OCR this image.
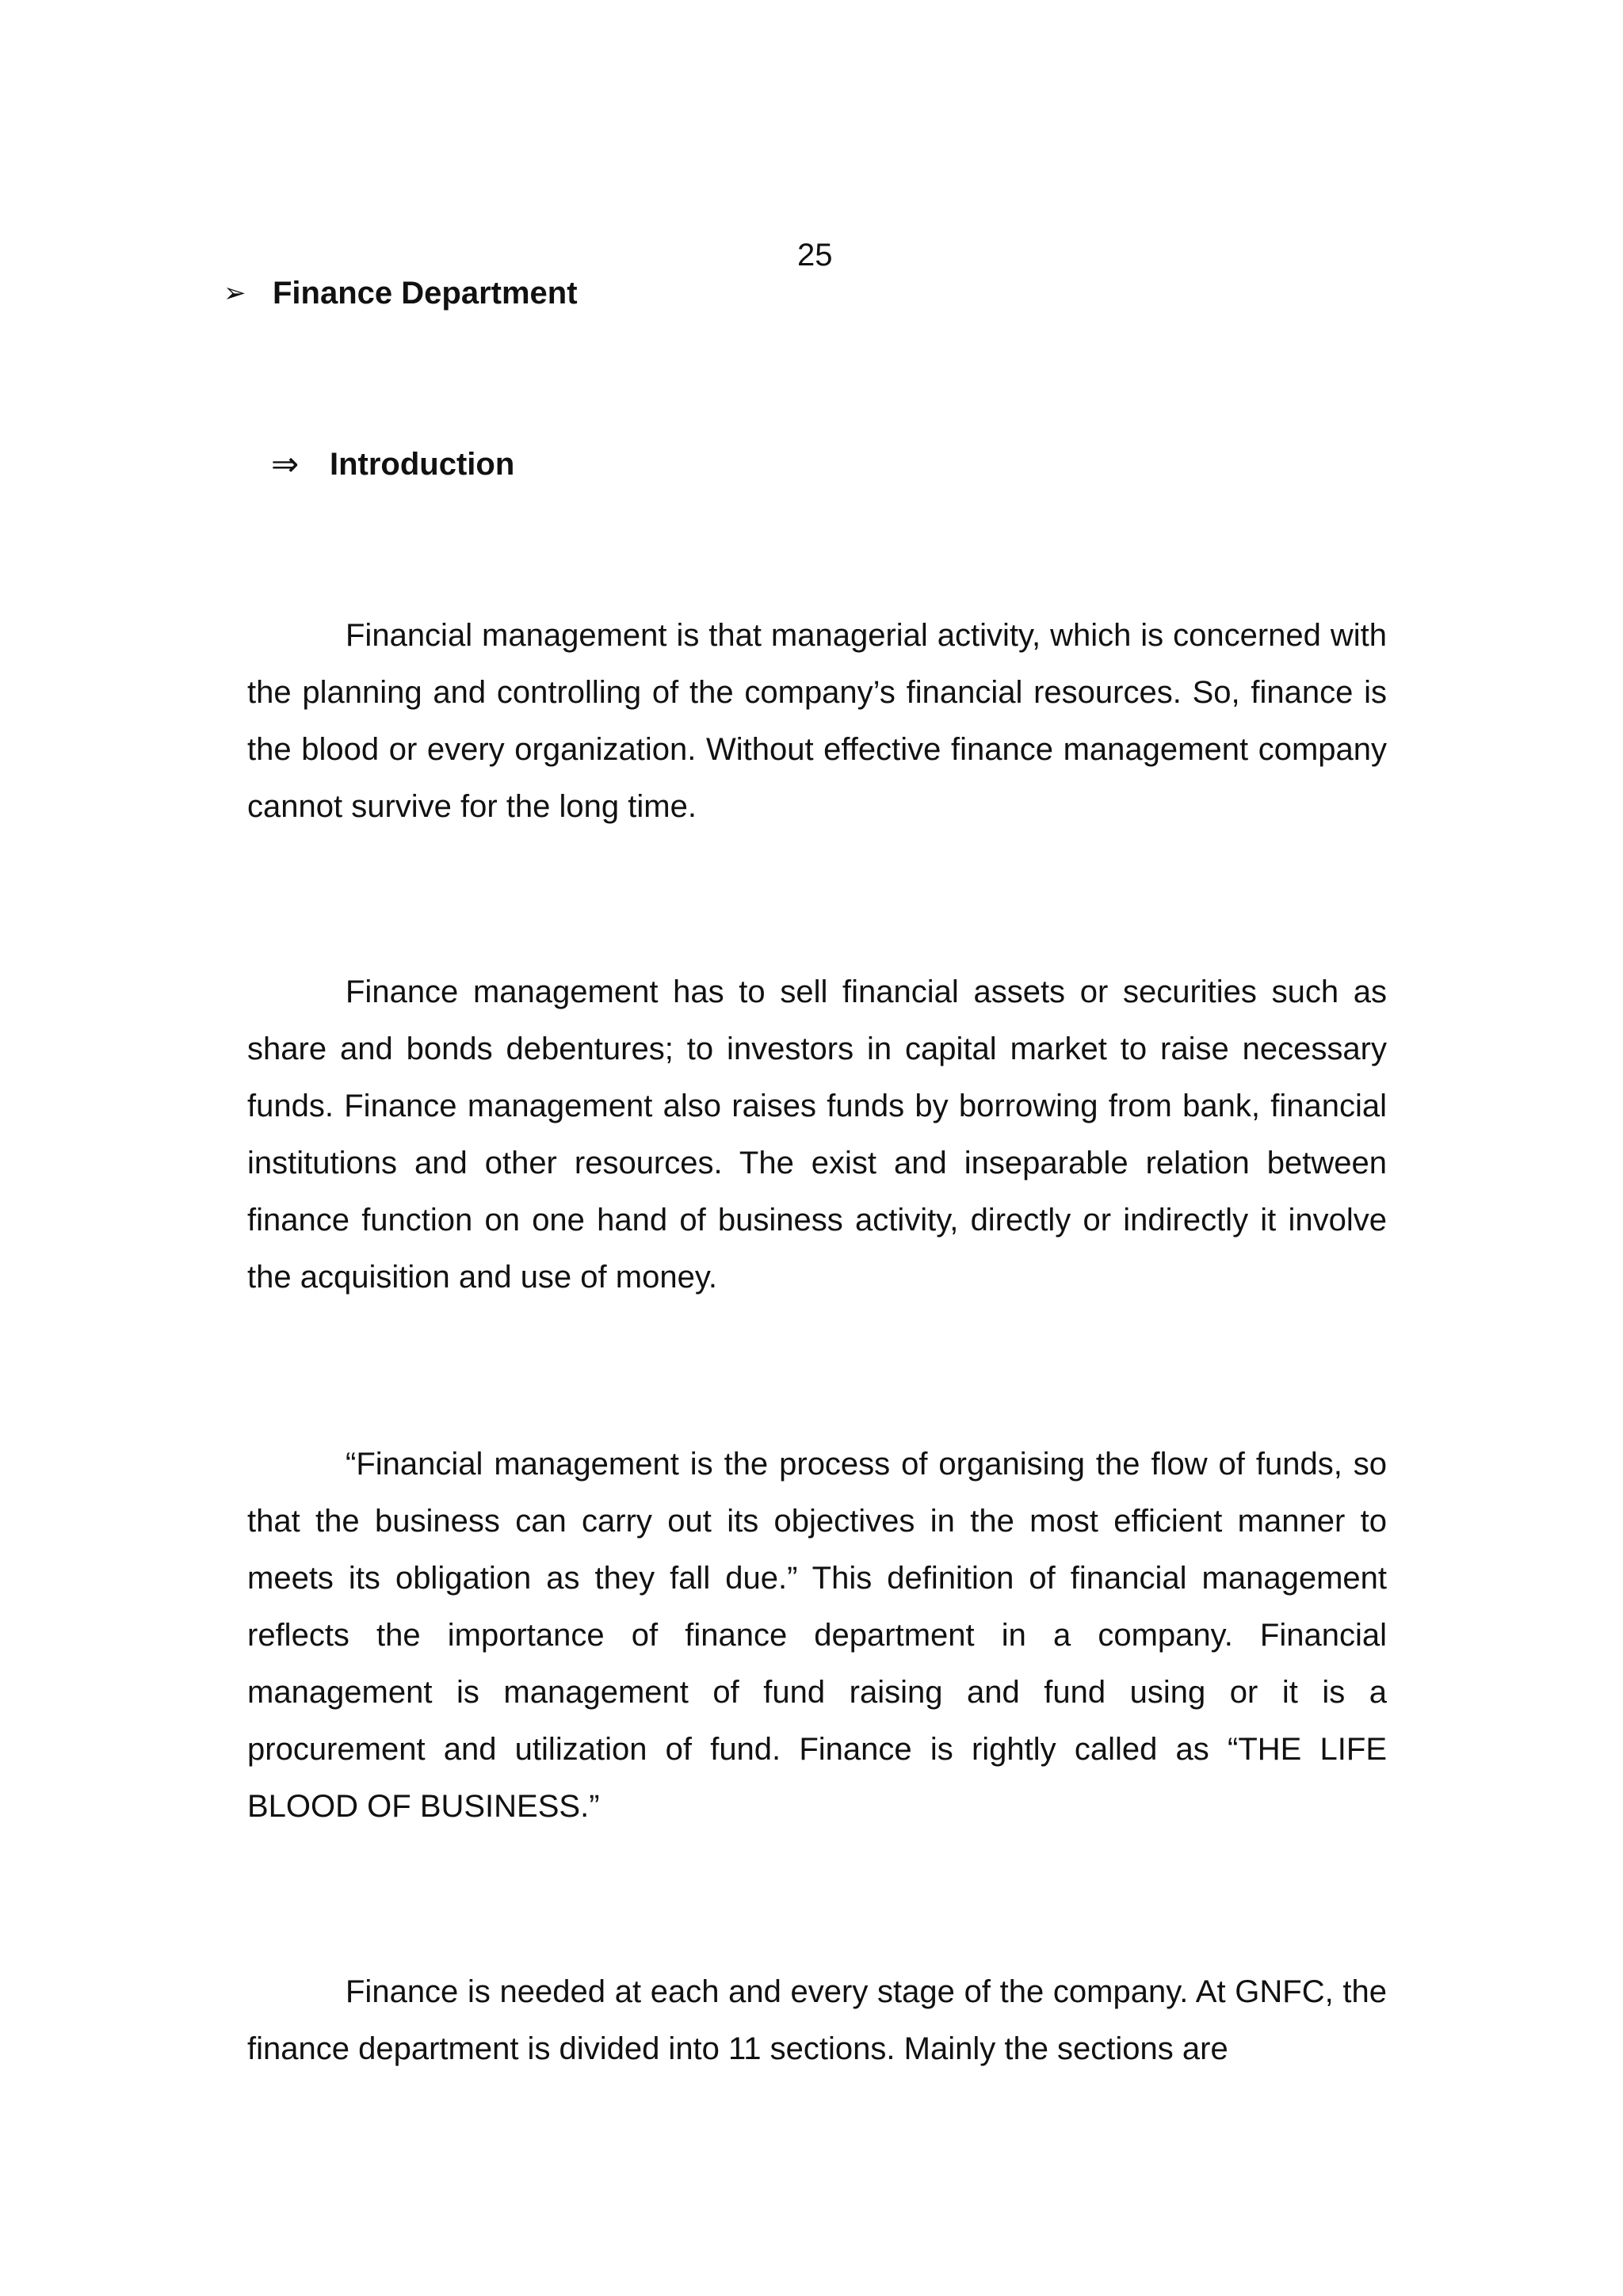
25
➢ Finance Department
⇒ Introduction

Financial management is that managerial activity, which is concerned with the planning and controlling of the company’s financial resources. So, finance is the blood or every organization. Without effective finance management company cannot survive for the long time.

Finance management has to sell financial assets or securities such as share and bonds debentures; to investors in capital market to raise necessary funds. Finance management also raises funds by borrowing from bank, financial institutions and other resources. The exist and inseparable relation between finance function on one hand of business activity, directly or indirectly it involve the acquisition and use of money.

“Financial management is the process of organising the flow of funds, so that the business can carry out its objectives in the most efficient manner to meets its obligation as they fall due.” This definition of financial management reflects the importance of finance department in a company. Financial management is management of fund raising and fund using or it is a procurement and utilization of fund. Finance is rightly called as “THE LIFE BLOOD OF BUSINESS.”

Finance is needed at each and every stage of the company. At GNFC, the finance department is divided into 11 sections. Mainly the sections are
